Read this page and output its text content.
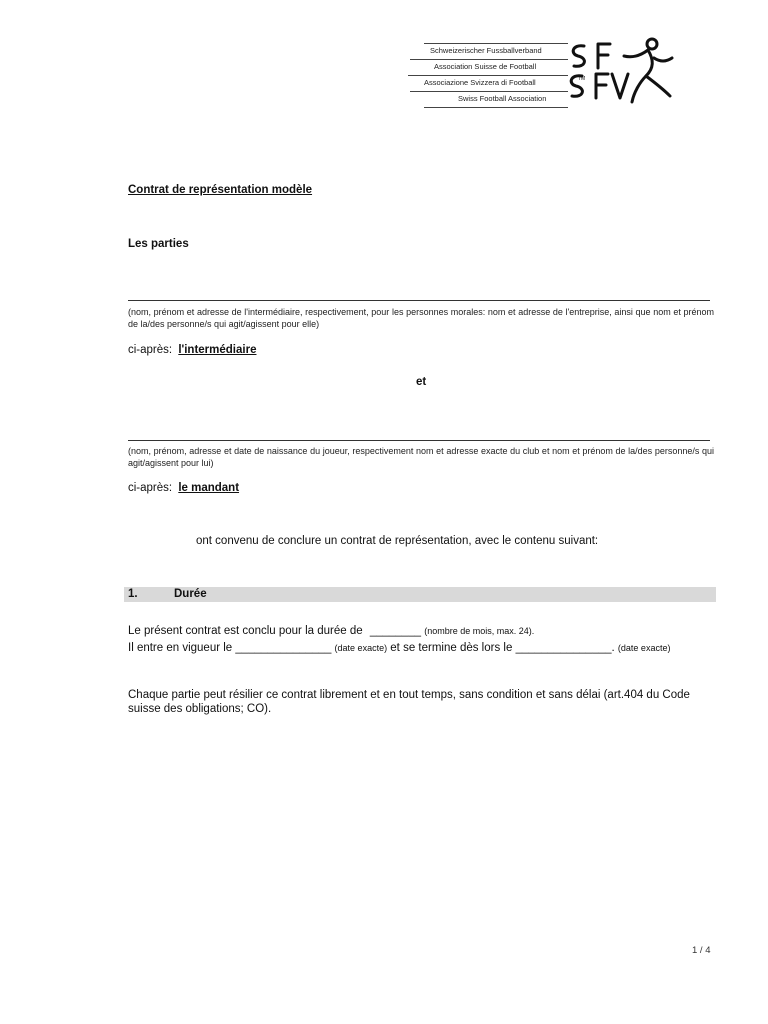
Schweizerischer Fussballverband
Association Suisse de Football
Associazione Svizzera di Football
Swiss Football Association
TM
Contrat de représentation modèle
Les parties
(nom, prénom et adresse de l'intermédiaire, respectivement, pour les personnes morales: nom et adresse de l'entreprise, ainsi que nom et prénom de la/des personne/s qui agit/agissent pour elle)
ci-après: l'intermédiaire
et
(nom, prénom, adresse et date de naissance du joueur, respectivement nom et adresse exacte du club et nom et prénom de la/des personne/s qui agit/agissent pour lui)
ci-après: le mandant
ont convenu de conclure un contrat de représentation, avec le contenu suivant:
1.	Durée
Le présent contrat est conclu pour la durée de ________ (nombre de mois, max. 24).
Il entre en vigueur le _______________ (date exacte) et se termine dès lors le _______________. (date exacte)
Chaque partie peut résilier ce contrat librement et en tout temps, sans condition et sans délai (art.404 du Code suisse des obligations; CO).
1 / 4
